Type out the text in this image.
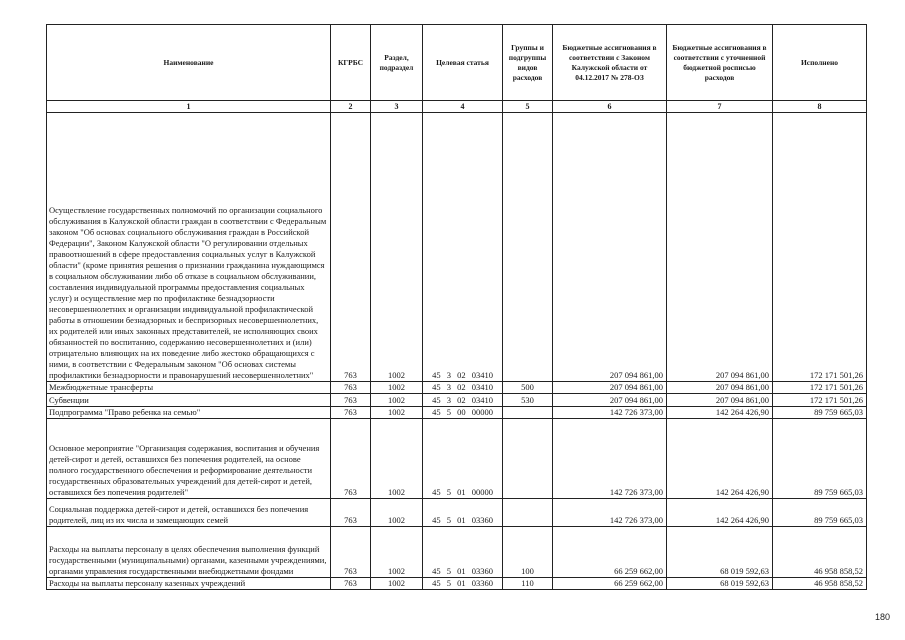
Наименование	КГРБС	Раздел, подраздел	Целевая статья	Группы и подгруппы видов расходов	Бюджетные ассигнования в соответствии с Законом Калужской области от 04.12.2017 № 278-ОЗ	Бюджетные ассигнования в соответствии с уточненной бюджетной росписью расходов	Исполнено
1	2	3	4	5	6	7	8
Осуществление государственных полномочий по организации социального обслуживания в Калужской области граждан в соответствии с Федеральным законом "Об основах социального обслуживания граждан в Российской Федерации", Законом Калужской области "О регулировании отдельных правоотношений в сфере предоставления социальных услуг в Калужской области" (кроме принятия решения о признании гражданина нуждающимся в социальном обслуживании либо об отказе в социальном обслуживании, составления индивидуальной программы предоставления социальных услуг) и осуществление мер по профилактике безнадзорности несовершеннолетних и организации индивидуальной профилактической работы в отношении безнадзорных и беспризорных несовершеннолетних, их родителей или иных законных представителей, не исполняющих своих обязанностей по воспитанию, содержанию несовершеннолетних и (или) отрицательно влияющих на их поведение либо жестоко обращающихся с ними, в соответствии с Федеральным законом "Об основах системы профилактики безнадзорности и правонарушений несовершеннолетних"	763	1002	45 3 02 03410		207 094 861,00	207 094 861,00	172 171 501,26
Межбюджетные трансферты	763	1002	45 3 02 03410	500	207 094 861,00	207 094 861,00	172 171 501,26
Субвенции	763	1002	45 3 02 03410	530	207 094 861,00	207 094 861,00	172 171 501,26
Подпрограмма "Право ребенка на семью"	763	1002	45 5 00 00000		142 726 373,00	142 264 426,90	89 759 665,03
Основное мероприятие "Организация содержания, воспитания и обучения детей-сирот и детей, оставшихся без попечения родителей, на основе полного государственного обеспечения и реформирование деятельности государственных образовательных учреждений для детей-сирот и детей, оставшихся без попечения родителей"	763	1002	45 5 01 00000		142 726 373,00	142 264 426,90	89 759 665,03
Социальная поддержка детей-сирот и детей, оставшихся без попечения родителей, лиц из их числа и замещающих семей	763	1002	45 5 01 03360		142 726 373,00	142 264 426,90	89 759 665,03
Расходы на выплаты персоналу в целях обеспечения выполнения функций государственными (муниципальными) органами, казенными учреждениями, органами управления государственными внебюджетными фондами	763	1002	45 5 01 03360	100	66 259 662,00	68 019 592,63	46 958 858,52
Расходы на выплаты персоналу казенных учреждений	763	1002	45 5 01 03360	110	66 259 662,00	68 019 592,63	46 958 858,52
180
